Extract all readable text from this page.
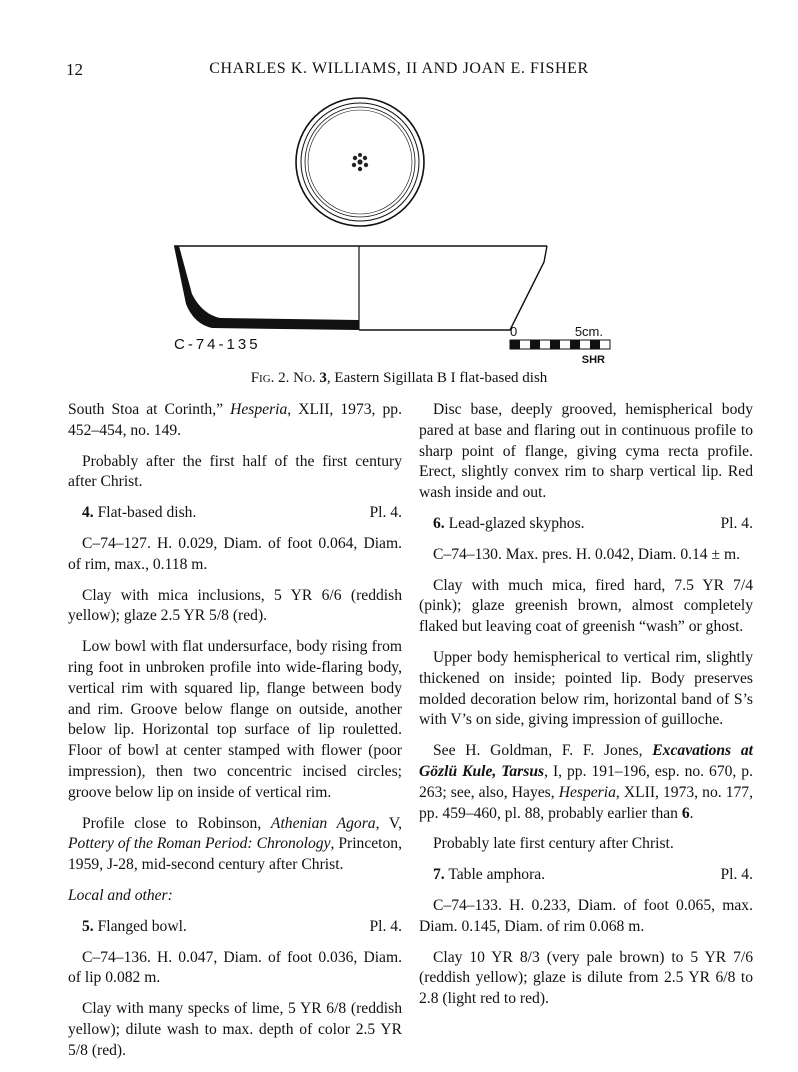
12	CHARLES K. WILLIAMS, II AND JOAN E. FISHER
C-74-135
0	5cm.
SHR
Fig. 2. No. 3, Eastern Sigillata B I flat-based dish

South Stoa at Corinth,” Hesperia, XLII, 1973, pp. 452–454, no. 149.

Probably after the first half of the first century after Christ.

4. Flat-based dish.	Pl. 4.

C–74–127. H. 0.029, Diam. of foot 0.064, Diam. of rim, max., 0.118 m.

Clay with mica inclusions, 5 YR 6/6 (reddish yellow); glaze 2.5 YR 5/8 (red).

Low bowl with flat undersurface, body rising from ring foot in unbroken profile into wide-flaring body, vertical rim with squared lip, flange between body and rim. Groove below flange on outside, another below lip. Horizontal top surface of lip rouletted. Floor of bowl at center stamped with flower (poor impression), then two concentric incised circles; groove below lip on inside of vertical rim.

Profile close to Robinson, Athenian Agora, V, Pottery of the Roman Period: Chronology, Princeton, 1959, J-28, mid-second century after Christ.

Local and other:
5. Flanged bowl.	Pl. 4.

C–74–136. H. 0.047, Diam. of foot 0.036, Diam. of lip 0.082 m.

Clay with many specks of lime, 5 YR 6/8 (reddish yellow); dilute wash to max. depth of color 2.5 YR 5/8 (red).

Disc base, deeply grooved, hemispherical body pared at base and flaring out in continuous profile to sharp point of flange, giving cyma recta profile. Erect, slightly convex rim to sharp vertical lip. Red wash inside and out.

6. Lead-glazed skyphos.	Pl. 4.

C–74–130. Max. pres. H. 0.042, Diam. 0.14 ± m.

Clay with much mica, fired hard, 7.5 YR 7/4 (pink); glaze greenish brown, almost completely flaked but leaving coat of greenish “wash” or ghost.

Upper body hemispherical to vertical rim, slightly thickened on inside; pointed lip. Body preserves molded decoration below rim, horizontal band of S’s with V’s on side, giving impression of guilloche.

See H. Goldman, F. F. Jones, Excavations at Gözlü Kule, Tarsus, I, pp. 191–196, esp. no. 670, p. 263; see, also, Hayes, Hesperia, XLII, 1973, no. 177, pp. 459–460, pl. 88, probably earlier than 6.

Probably late first century after Christ.

7. Table amphora.	Pl. 4.

C–74–133. H. 0.233, Diam. of foot 0.065, max. Diam. 0.145, Diam. of rim 0.068 m.

Clay 10 YR 8/3 (very pale brown) to 5 YR 7/6 (reddish yellow); glaze is dilute from 2.5 YR 6/8 to 2.8 (light red to red).
